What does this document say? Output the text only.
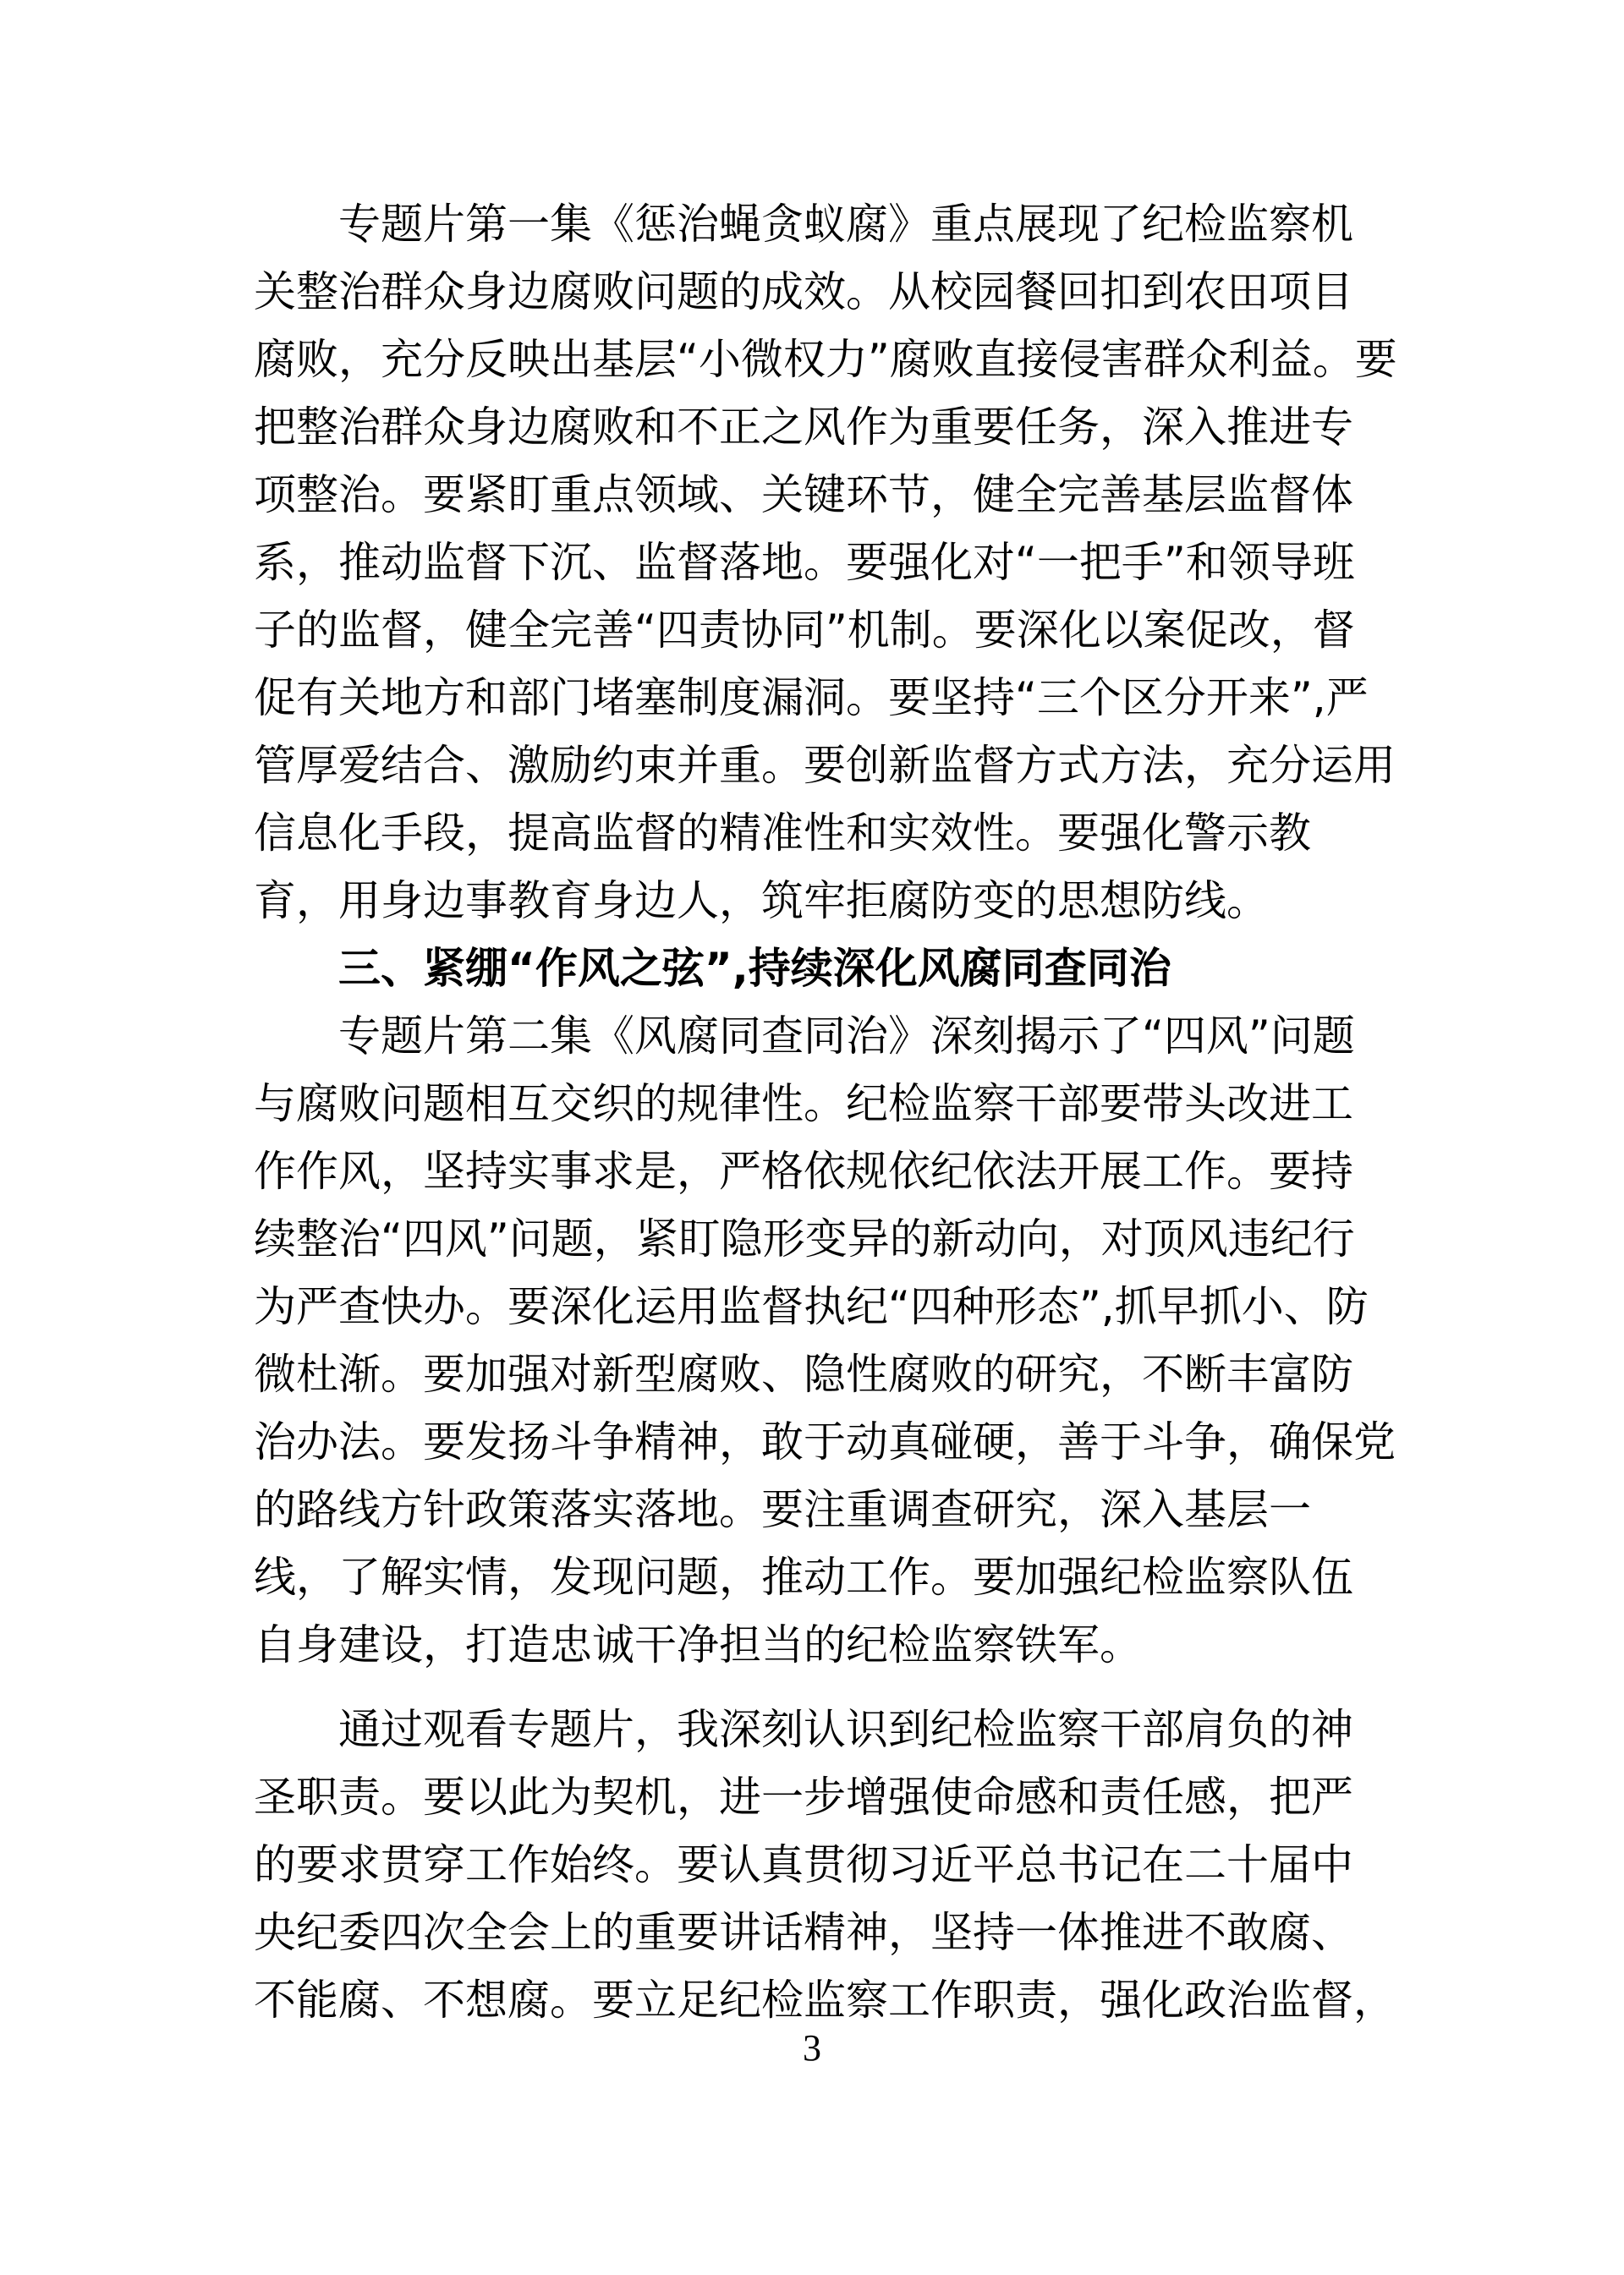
专题片第一集《惩治蝇贪蚁腐》重点展现了纪检监察机
关整治群众身边腐败问题的成效。从校园餐回扣到农田项目
腐败，充分反映出基层“小微权力”腐败直接侵害群众利益。要
把整治群众身边腐败和不正之风作为重要任务，深入推进专
项整治。要紧盯重点领域、关键环节，健全完善基层监督体
系，推动监督下沉、监督落地。要强化对“一把手”和领导班
子的监督，健全完善“四责协同”机制。要深化以案促改，督
促有关地方和部门堵塞制度漏洞。要坚持“三个区分开来”,严
管厚爱结合、激励约束并重。要创新监督方式方法，充分运用
信息化手段，提高监督的精准性和实效性。要强化警示教
育，用身边事教育身边人，筑牢拒腐防变的思想防线。
三、紧绷“作风之弦”,持续深化风腐同查同治
专题片第二集《风腐同查同治》深刻揭示了“四风”问题
与腐败问题相互交织的规律性。纪检监察干部要带头改进工
作作风，坚持实事求是，严格依规依纪依法开展工作。要持
续整治“四风”问题，紧盯隐形变异的新动向，对顶风违纪行
为严查快办。要深化运用监督执纪“四种形态”,抓早抓小、防
微杜渐。要加强对新型腐败、隐性腐败的研究，不断丰富防
治办法。要发扬斗争精神，敢于动真碰硬，善于斗争，确保党
的路线方针政策落实落地。要注重调查研究，深入基层一
线，了解实情，发现问题，推动工作。要加强纪检监察队伍
自身建设，打造忠诚干净担当的纪检监察铁军。
通过观看专题片，我深刻认识到纪检监察干部肩负的神
圣职责。要以此为契机，进一步增强使命感和责任感，把严
的要求贯穿工作始终。要认真贯彻习近平总书记在二十届中
央纪委四次全会上的重要讲话精神，坚持一体推进不敢腐、
不能腐、不想腐。要立足纪检监察工作职责，强化政治监督，
3
